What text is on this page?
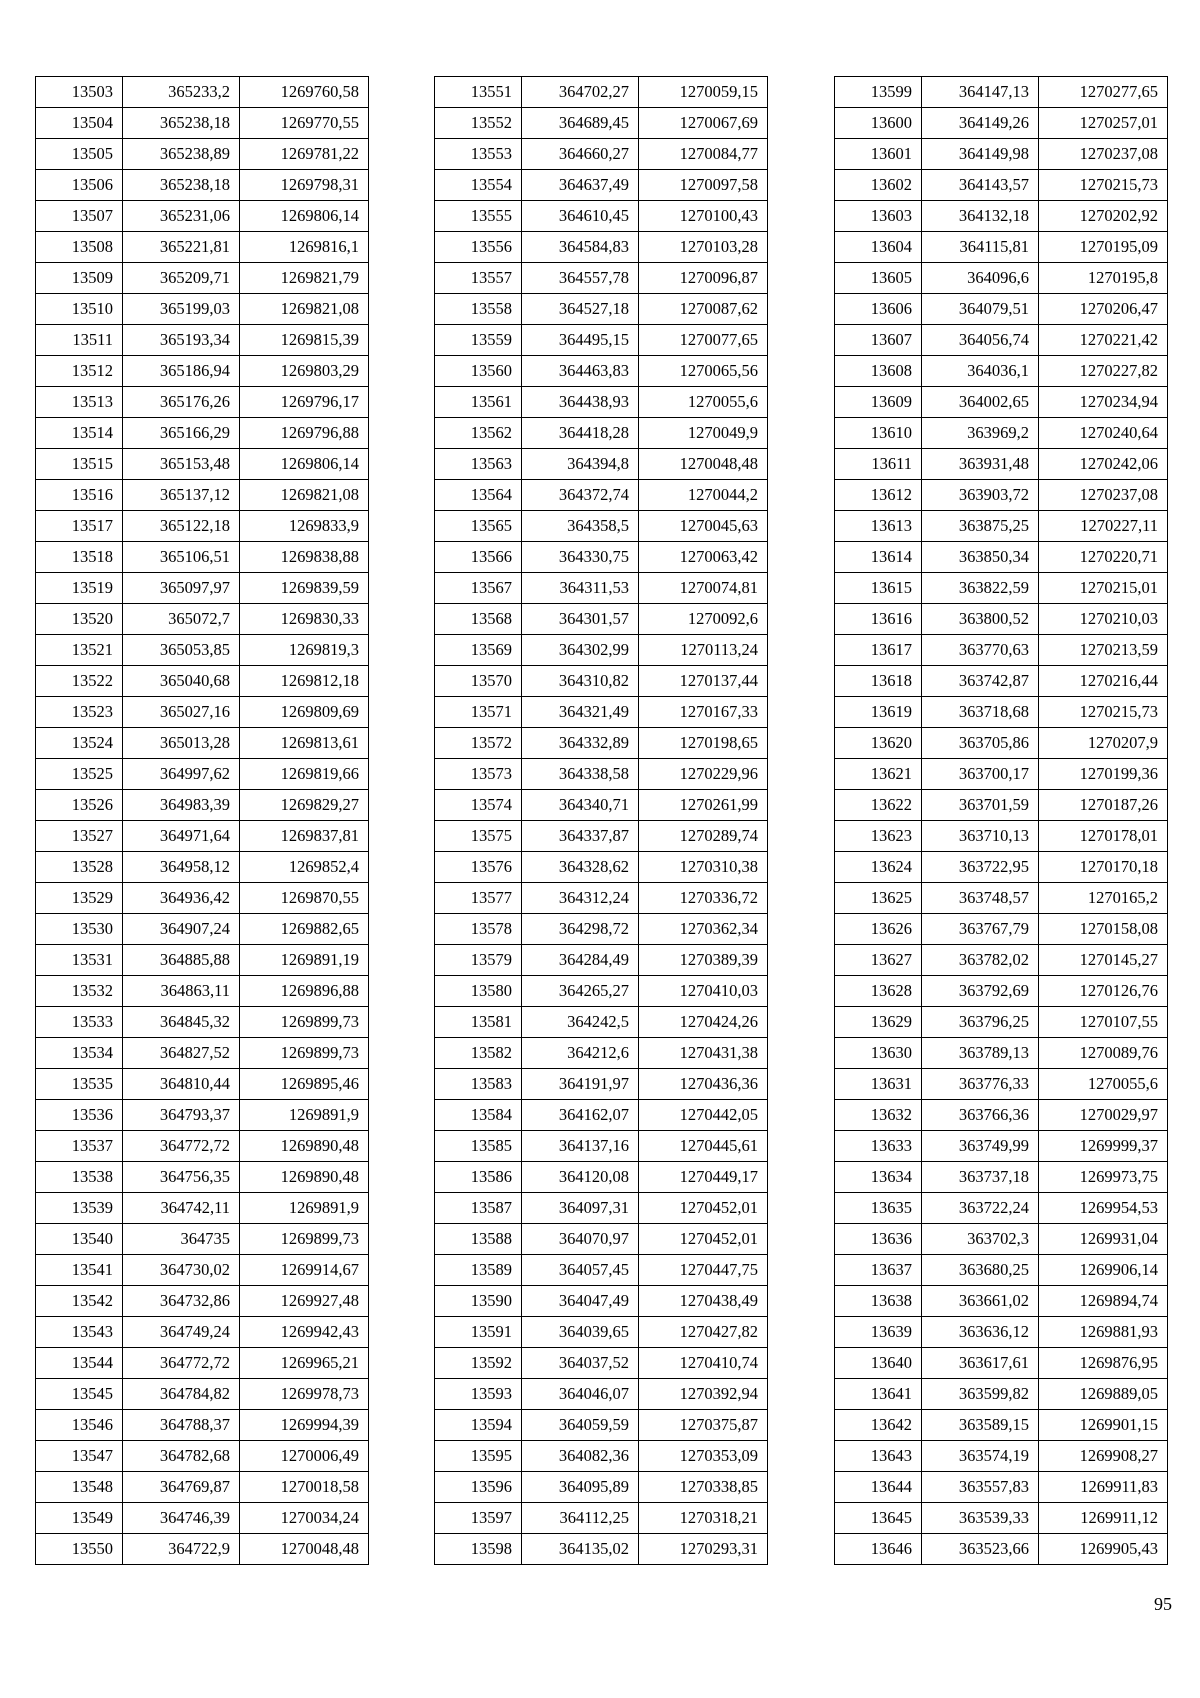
13503	365233,2	1269760,58
13504	365238,18	1269770,55
13505	365238,89	1269781,22
13506	365238,18	1269798,31
13507	365231,06	1269806,14
13508	365221,81	1269816,1
13509	365209,71	1269821,79
13510	365199,03	1269821,08
13511	365193,34	1269815,39
13512	365186,94	1269803,29
13513	365176,26	1269796,17
13514	365166,29	1269796,88
13515	365153,48	1269806,14
13516	365137,12	1269821,08
13517	365122,18	1269833,9
13518	365106,51	1269838,88
13519	365097,97	1269839,59
13520	365072,7	1269830,33
13521	365053,85	1269819,3
13522	365040,68	1269812,18
13523	365027,16	1269809,69
13524	365013,28	1269813,61
13525	364997,62	1269819,66
13526	364983,39	1269829,27
13527	364971,64	1269837,81
13528	364958,12	1269852,4
13529	364936,42	1269870,55
13530	364907,24	1269882,65
13531	364885,88	1269891,19
13532	364863,11	1269896,88
13533	364845,32	1269899,73
13534	364827,52	1269899,73
13535	364810,44	1269895,46
13536	364793,37	1269891,9
13537	364772,72	1269890,48
13538	364756,35	1269890,48
13539	364742,11	1269891,9
13540	364735	1269899,73
13541	364730,02	1269914,67
13542	364732,86	1269927,48
13543	364749,24	1269942,43
13544	364772,72	1269965,21
13545	364784,82	1269978,73
13546	364788,37	1269994,39
13547	364782,68	1270006,49
13548	364769,87	1270018,58
13549	364746,39	1270034,24
13550	364722,9	1270048,48
13551	364702,27	1270059,15
13552	364689,45	1270067,69
13553	364660,27	1270084,77
13554	364637,49	1270097,58
13555	364610,45	1270100,43
13556	364584,83	1270103,28
13557	364557,78	1270096,87
13558	364527,18	1270087,62
13559	364495,15	1270077,65
13560	364463,83	1270065,56
13561	364438,93	1270055,6
13562	364418,28	1270049,9
13563	364394,8	1270048,48
13564	364372,74	1270044,2
13565	364358,5	1270045,63
13566	364330,75	1270063,42
13567	364311,53	1270074,81
13568	364301,57	1270092,6
13569	364302,99	1270113,24
13570	364310,82	1270137,44
13571	364321,49	1270167,33
13572	364332,89	1270198,65
13573	364338,58	1270229,96
13574	364340,71	1270261,99
13575	364337,87	1270289,74
13576	364328,62	1270310,38
13577	364312,24	1270336,72
13578	364298,72	1270362,34
13579	364284,49	1270389,39
13580	364265,27	1270410,03
13581	364242,5	1270424,26
13582	364212,6	1270431,38
13583	364191,97	1270436,36
13584	364162,07	1270442,05
13585	364137,16	1270445,61
13586	364120,08	1270449,17
13587	364097,31	1270452,01
13588	364070,97	1270452,01
13589	364057,45	1270447,75
13590	364047,49	1270438,49
13591	364039,65	1270427,82
13592	364037,52	1270410,74
13593	364046,07	1270392,94
13594	364059,59	1270375,87
13595	364082,36	1270353,09
13596	364095,89	1270338,85
13597	364112,25	1270318,21
13598	364135,02	1270293,31
13599	364147,13	1270277,65
13600	364149,26	1270257,01
13601	364149,98	1270237,08
13602	364143,57	1270215,73
13603	364132,18	1270202,92
13604	364115,81	1270195,09
13605	364096,6	1270195,8
13606	364079,51	1270206,47
13607	364056,74	1270221,42
13608	364036,1	1270227,82
13609	364002,65	1270234,94
13610	363969,2	1270240,64
13611	363931,48	1270242,06
13612	363903,72	1270237,08
13613	363875,25	1270227,11
13614	363850,34	1270220,71
13615	363822,59	1270215,01
13616	363800,52	1270210,03
13617	363770,63	1270213,59
13618	363742,87	1270216,44
13619	363718,68	1270215,73
13620	363705,86	1270207,9
13621	363700,17	1270199,36
13622	363701,59	1270187,26
13623	363710,13	1270178,01
13624	363722,95	1270170,18
13625	363748,57	1270165,2
13626	363767,79	1270158,08
13627	363782,02	1270145,27
13628	363792,69	1270126,76
13629	363796,25	1270107,55
13630	363789,13	1270089,76
13631	363776,33	1270055,6
13632	363766,36	1270029,97
13633	363749,99	1269999,37
13634	363737,18	1269973,75
13635	363722,24	1269954,53
13636	363702,3	1269931,04
13637	363680,25	1269906,14
13638	363661,02	1269894,74
13639	363636,12	1269881,93
13640	363617,61	1269876,95
13641	363599,82	1269889,05
13642	363589,15	1269901,15
13643	363574,19	1269908,27
13644	363557,83	1269911,83
13645	363539,33	1269911,12
13646	363523,66	1269905,43
95
